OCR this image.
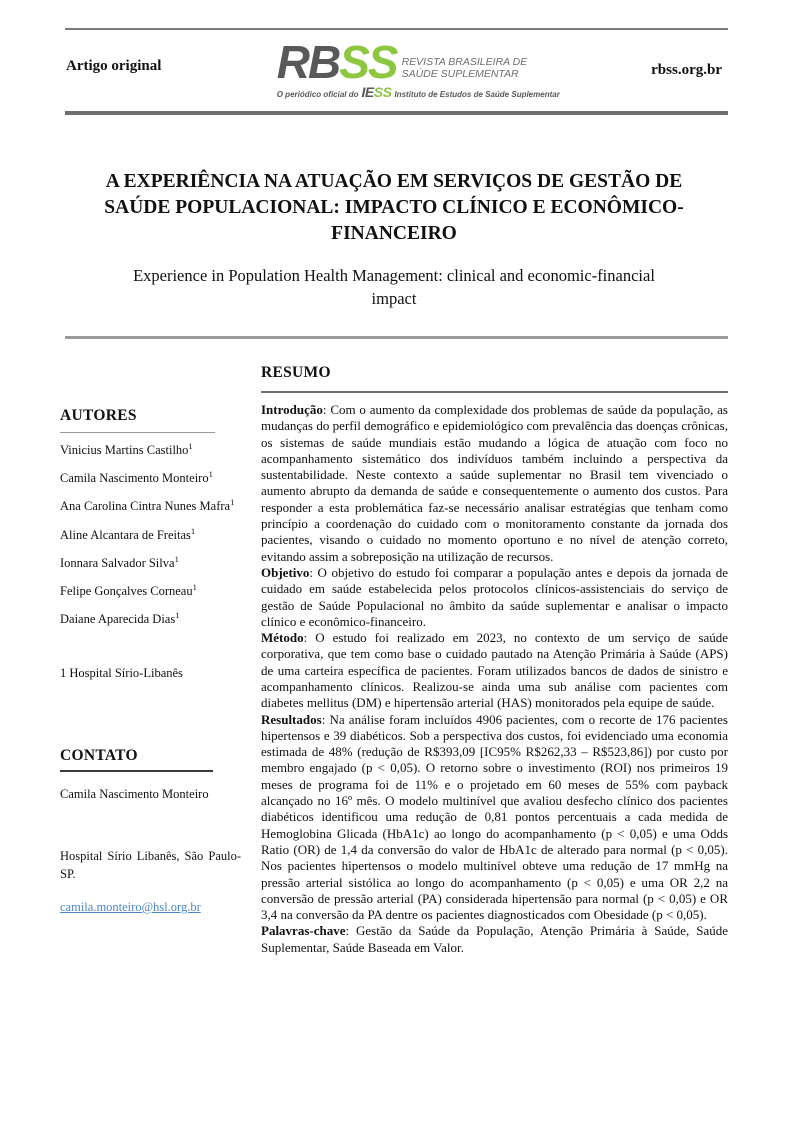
Artigo original	RBSS REVISTA BRASILEIRA DE
SAÚDE SUPLEMENTAR
O periódico oficial do IESS Instituto de Estudos de Saúde Suplementar
rbss.org.br
A EXPERIÊNCIA NA ATUAÇÃO EM SERVIÇOS DE GESTÃO DE SAÚDE POPULACIONAL: IMPACTO CLÍNICO E ECONÔMICO-FINANCEIRO
Experience in Population Health Management: clinical and economic-financial impact
AUTORES

Vinicius Martins Castilho$^1$

Camila Nascimento Monteiro$^1$

Ana Carolina Cintra Nunes Mafra$^1$

Aline Alcantara de Freitas$^1$

Ionnara Salvador Silva$^1$

Felipe Gonçalves Corneau$^1$

Daiane Aparecida Dias$^1$

1 Hospital Sírio-Libanês

CONTATO

Camila Nascimento Monteiro

Hospital Sírio Libanês, São Paulo-SP.

camila.monteiro@hsl.org.br
RESUMO

Introdução: Com o aumento da complexidade dos problemas de saúde da população, as mudanças do perfil demográfico e epidemiológico com prevalência das doenças crônicas, os sistemas de saúde mundiais estão mudando a lógica de atuação com foco no acompanhamento sistemático dos indivíduos também incluindo a perspectiva da sustentabilidade. Neste contexto a saúde suplementar no Brasil tem vivenciado o aumento abrupto da demanda de saúde e consequentemente o aumento dos custos. Para responder a esta problemática faz-se necessário analisar estratégias que tenham como princípio a coordenação do cuidado com o monitoramento constante da jornada dos pacientes, visando o cuidado no momento oportuno e no nível de atenção correto, evitando assim a sobreposição na utilização de recursos.

Objetivo: O objetivo do estudo foi comparar a população antes e depois da jornada de cuidado em saúde estabelecida pelos protocolos clínicos-assistenciais do serviço de gestão de Saúde Populacional no âmbito da saúde suplementar e analisar o impacto clínico e econômico-financeiro.

Método: O estudo foi realizado em 2023, no contexto de um serviço de saúde corporativa, que tem como base o cuidado pautado na Atenção Primária à Saúde (APS) de uma carteira específica de pacientes. Foram utilizados bancos de dados de sinistro e acompanhamento clínicos. Realizou-se ainda uma sub análise com pacientes com diabetes mellitus (DM) e hipertensão arterial (HAS) monitorados pela equipe de saúde.

Resultados: Na análise foram incluídos 4906 pacientes, com o recorte de 176 pacientes hipertensos e 39 diabéticos. Sob a perspectiva dos custos, foi evidenciado uma economia estimada de 48% (redução de R$393,09 [IC95% R$262,33 – R$523,86]) por custo por membro engajado (p < 0,05). O retorno sobre o investimento (ROI) nos primeiros 19 meses de programa foi de 11% e o projetado em 60 meses de 55% com payback alcançado no 16º mês. O modelo multinível que avaliou desfecho clínico dos pacientes diabéticos identificou uma redução de 0,81 pontos percentuais a cada medida de Hemoglobina Glicada (HbA1c) ao longo do acompanhamento (p < 0,05) e uma Odds Ratio (OR) de 1,4 da conversão do valor de HbA1c de alterado para normal (p < 0,05). Nos pacientes hipertensos o modelo multinível obteve uma redução de 17 mmHg na pressão arterial sistólica ao longo do acompanhamento (p < 0,05) e uma OR 2,2 na conversão de pressão arterial (PA) considerada hipertensão para normal (p < 0,05) e OR 3,4 na conversão da PA dentre os pacientes diagnosticados com Obesidade (p < 0,05).

Palavras-chave: Gestão da Saúde da População, Atenção Primária à Saúde, Saúde Suplementar, Saúde Baseada em Valor.
